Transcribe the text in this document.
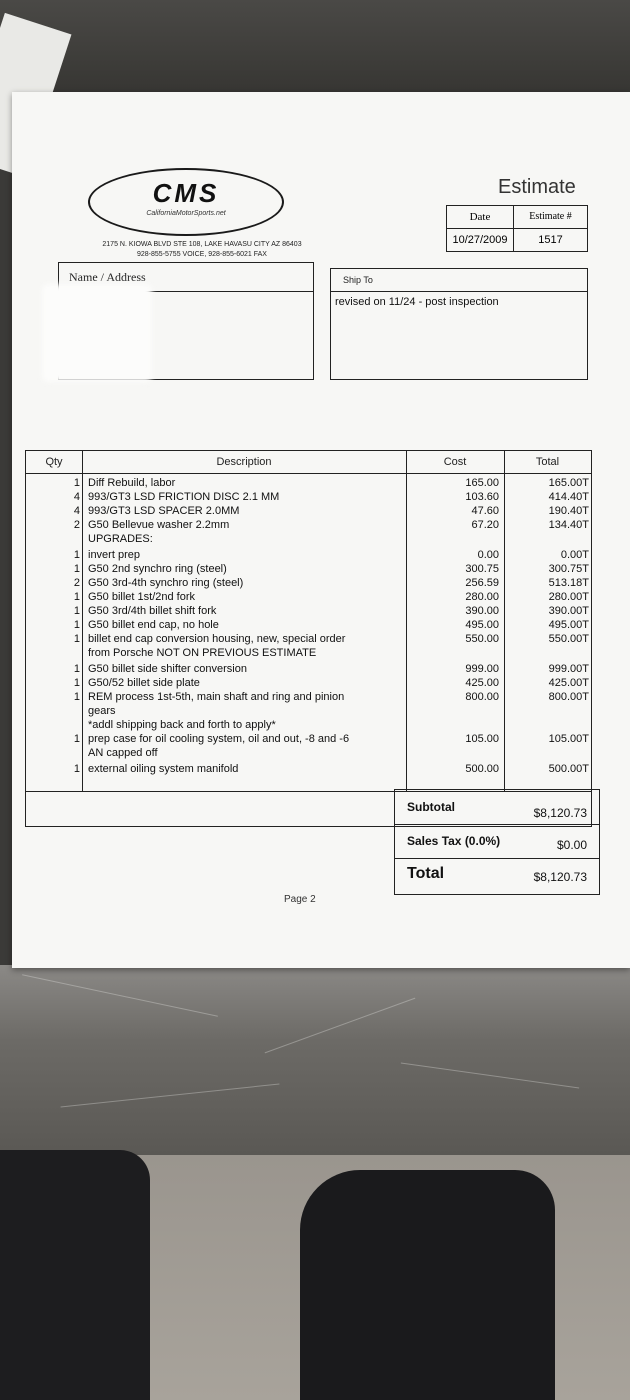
CMS
CaliforniaMotorSports.net
2175 N. KIOWA BLVD STE 108, LAKE HAVASU CITY AZ 86403
928-855-5755 VOICE, 928-855-6021 FAX
Estimate
Date	Estimate #
10/27/2009	1517
Name / Address	Ship To
revised on 11/24 - post inspection
Qty	Description	Cost	Total
1 Diff Rebuild, labor	165.00	165.00T
4 993/GT3 LSD FRICTION DISC 2.1 MM	103.60	414.40T
4 993/GT3 LSD SPACER 2.0MM	47.60	190.40T
2 G50 Bellevue washer 2.2mm	67.20	134.40T
UPGRADES:
1 invert prep	0.00	0.00T
1 G50 2nd synchro ring (steel)	300.75	300.75T
2 G50 3rd-4th synchro ring (steel)	256.59	513.18T
1 G50 billet 1st/2nd fork	280.00	280.00T
1 G50 3rd/4th billet shift fork	390.00	390.00T
1 G50 billet end cap, no hole	495.00	495.00T
1 billet end cap conversion housing, new, special order
from Porsche NOT ON PREVIOUS ESTIMATE
550.00	550.00T
1 G50 billet side shifter conversion	999.00	999.00T
1 G50/52 billet side plate	425.00	425.00T
1 REM process 1st-5th, main shaft and ring and pinion
gears
800.00	800.00T
*addl shipping back and forth to apply*
1 prep case for oil cooling system, oil and out, -8 and -6
AN capped off
105.00	105.00T
1 external oiling system manifold	500.00	500.00T
Subtotal	$8,120.73
Sales Tax (0.0%)	$0.00
Total	$8,120.73
Page 2
